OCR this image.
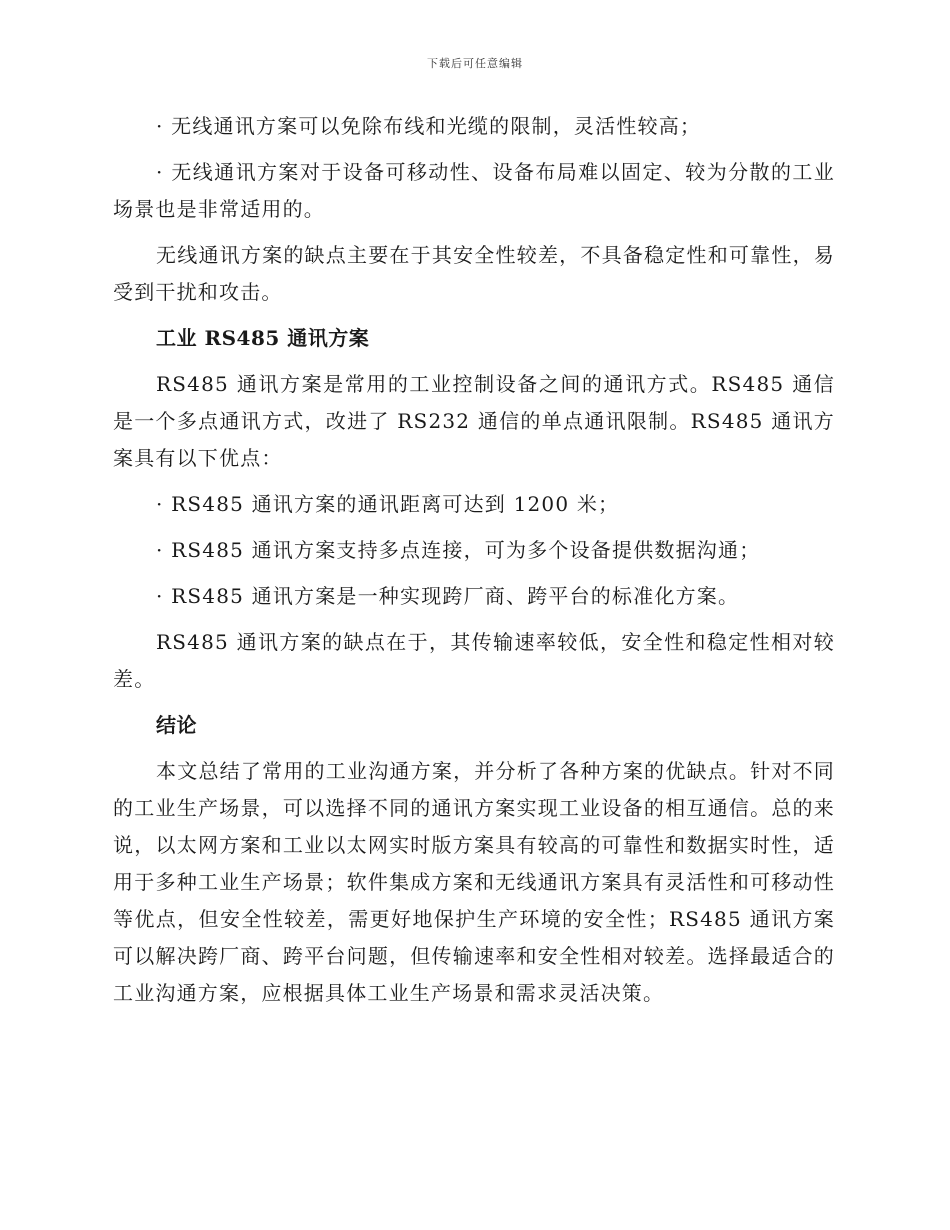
下载后可任意编辑

· 无线通讯方案可以免除布线和光缆的限制，灵活性较高；

· 无线通讯方案对于设备可移动性、设备布局难以固定、较为分散的工业场景也是非常适用的。

无线通讯方案的缺点主要在于其安全性较差，不具备稳定性和可靠性，易受到干扰和攻击。

工业 RS485 通讯方案

RS485 通讯方案是常用的工业控制设备之间的通讯方式。RS485 通信是一个多点通讯方式，改进了 RS232 通信的单点通讯限制。RS485 通讯方案具有以下优点：

· RS485 通讯方案的通讯距离可达到 1200 米；

· RS485 通讯方案支持多点连接，可为多个设备提供数据沟通；

· RS485 通讯方案是一种实现跨厂商、跨平台的标准化方案。

RS485 通讯方案的缺点在于，其传输速率较低，安全性和稳定性相对较差。

结论

本文总结了常用的工业沟通方案，并分析了各种方案的优缺点。针对不同的工业生产场景，可以选择不同的通讯方案实现工业设备的相互通信。总的来说，以太网方案和工业以太网实时版方案具有较高的可靠性和数据实时性，适用于多种工业生产场景；软件集成方案和无线通讯方案具有灵活性和可移动性等优点，但安全性较差，需更好地保护生产环境的安全性；RS485 通讯方案可以解决跨厂商、跨平台问题，但传输速率和安全性相对较差。选择最适合的工业沟通方案，应根据具体工业生产场景和需求灵活决策。
